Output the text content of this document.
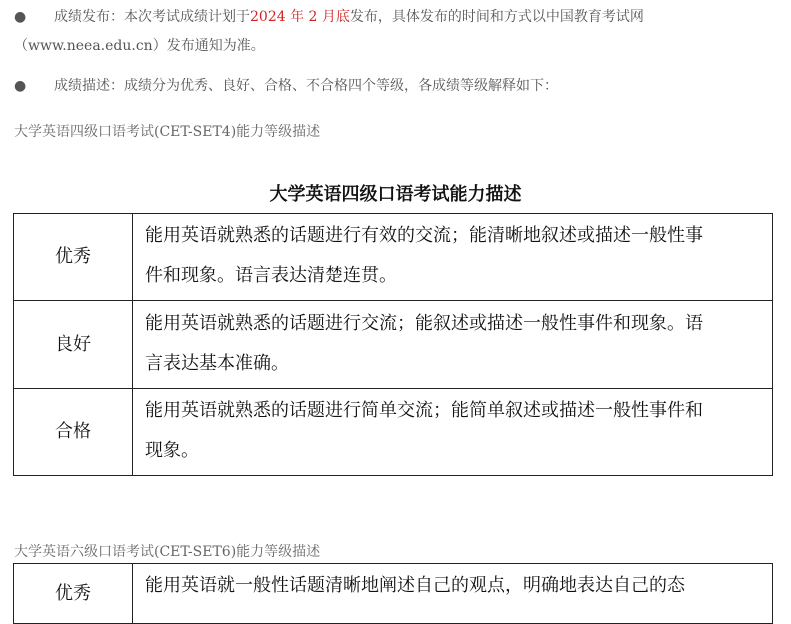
● 成绩发布：本次考试成绩计划于2024 年 2 月底发布，具体发布的时间和方式以中国教育考试网
（www.neea.edu.cn）发布通知为准。
● 成绩描述：成绩分为优秀、良好、合格、不合格四个等级，各成绩等级解释如下：
大学英语四级口语考试(CET-SET4)能力等级描述
大学英语四级口语考试能力描述
优秀	能用英语就熟悉的话题进行有效的交流；能清晰地叙述或描述一般性事
件和现象。语言表达清楚连贯。

良好	能用英语就熟悉的话题进行交流；能叙述或描述一般性事件和现象。语
言表达基本准确。

合格	能用英语就熟悉的话题进行简单交流；能简单叙述或描述一般性事件和
现象。
大学英语六级口语考试(CET-SET6)能力等级描述
优秀	能用英语就一般性话题清晰地阐述自己的观点，明确地表达自己的态
